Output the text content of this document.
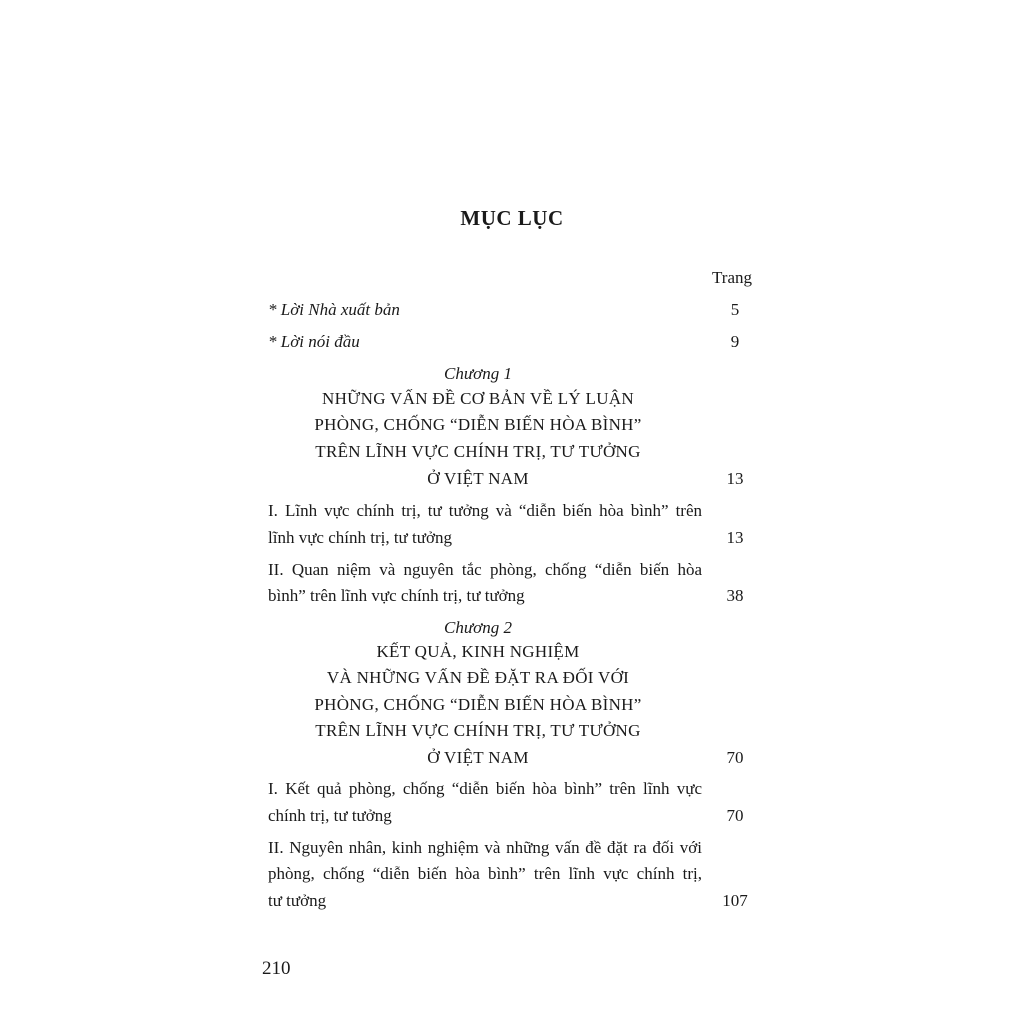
MỤC LỤC
Trang
* Lời Nhà xuất bản	5
* Lời nói đầu	9
Chương 1
NHỮNG VẤN ĐỀ CƠ BẢN VỀ LÝ LUẬN
PHÒNG, CHỐNG “DIỄN BIẾN HÒA BÌNH”
TRÊN LĨNH VỰC CHÍNH TRỊ, TƯ TƯỞNG
Ở VIỆT NAM	13
I. Lĩnh vực chính trị, tư tưởng và “diễn biến hòa bình” trên
lĩnh vực chính trị, tư tưởng	13
II. Quan niệm và nguyên tắc phòng, chống “diễn biến hòa
bình” trên lĩnh vực chính trị, tư tưởng	38
Chương 2
KẾT QUẢ, KINH NGHIỆM
VÀ NHỮNG VẤN ĐỀ ĐẶT RA ĐỐI VỚI
PHÒNG, CHỐNG “DIỄN BIẾN HÒA BÌNH”
TRÊN LĨNH VỰC CHÍNH TRỊ, TƯ TƯỞNG
Ở VIỆT NAM	70
I. Kết quả phòng, chống “diễn biến hòa bình” trên lĩnh vực
chính trị, tư tưởng	70
II. Nguyên nhân, kinh nghiệm và những vấn đề đặt ra đối với
phòng, chống “diễn biến hòa bình” trên lĩnh vực chính trị,
tư tưởng	107
210
